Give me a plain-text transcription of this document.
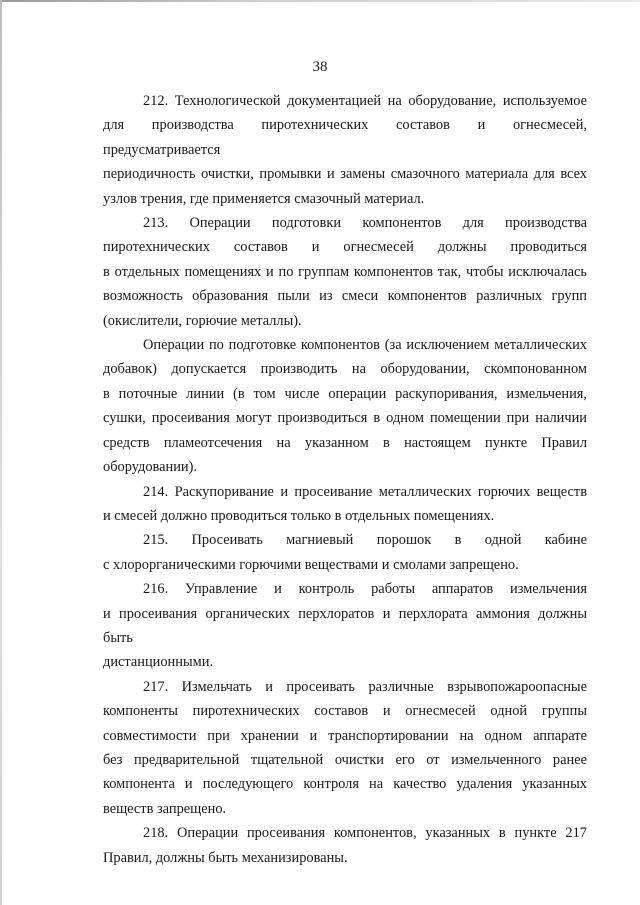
38

212. Технологической документацией на оборудование, используемое
для производства пиротехнических составов и огнесмесей, предусматривается
периодичность очистки, промывки и замены смазочного материала для всех
узлов трения, где применяется смазочный материал.

213. Операции подготовки компонентов для производства
пиротехнических составов и огнесмесей должны проводиться
в отдельных помещениях и по группам компонентов так, чтобы исключалась
возможность образования пыли из смеси компонентов различных групп
(окислители, горючие металлы).

Операции по подготовке компонентов (за исключением металлических
добавок) допускается производить на оборудовании, скомпонованном
в поточные линии (в том числе операции раскупоривания, измельчения,
сушки, просеивания могут производиться в одном помещении при наличии
средств пламеотсечения на указанном в настоящем пункте Правил
оборудовании).

214. Раскупоривание и просеивание металлических горючих веществ
и смесей должно проводиться только в отдельных помещениях.

215. Просеивать магниевый порошок в одной кабине
с хлорорганическими горючими веществами и смолами запрещено.

216. Управление и контроль работы аппаратов измельчения
и просеивания органических перхлоратов и перхлората аммония должны быть
дистанционными.

217. Измельчать и просеивать различные взрывопожароопасные
компоненты пиротехнических составов и огнесмесей одной группы
совместимости при хранении и транспортировании на одном аппарате
без предварительной тщательной очистки его от измельченного ранее
компонента и последующего контроля на качество удаления указанных
веществ запрещено.

218. Операции просеивания компонентов, указанных в пункте 217
Правил, должны быть механизированы.
